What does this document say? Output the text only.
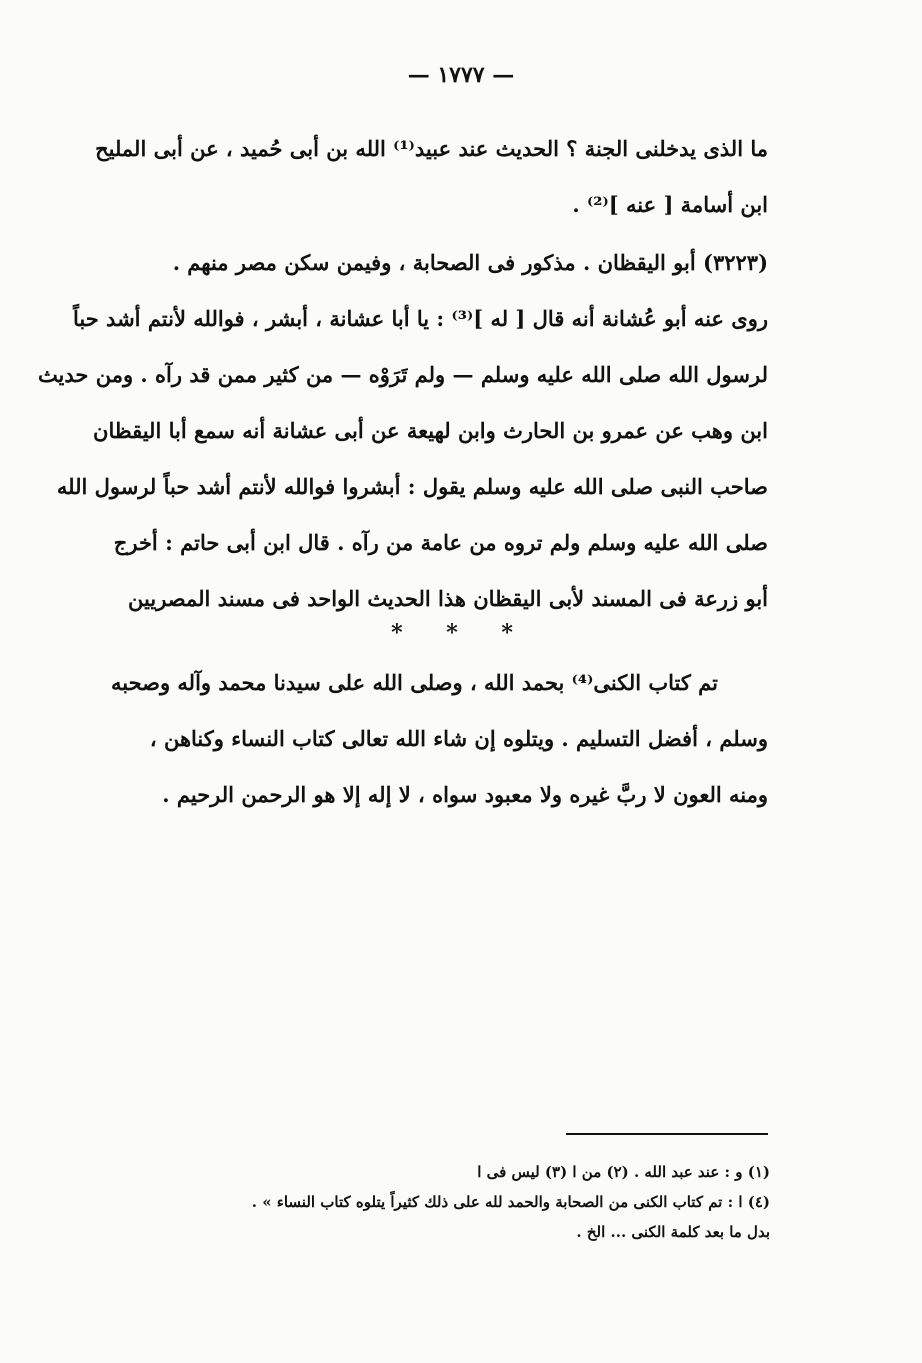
— ١٧٧٧ —
ما الذى يدخلنى الجنة ؟ الحديث عند عبيد⁽¹⁾ الله بن أبى حُميد ، عن أبى المليح
ابن أسامة [ عنه ]⁽²⁾ .
(٣٢٢٣) أبو اليقظان . مذكور فى الصحابة ، وفيمن سكن مصر منهم .
روى عنه أبو عُشانة أنه قال [ له ]⁽³⁾ : يا أبا عشانة ، أبشر ، فوالله لأنتم أشد حباً
لرسول الله صلى الله عليه وسلم — ولم تَرَوْه — من كثير ممن قد رآه . ومن حديث
ابن وهب عن عمرو بن الحارث وابن لهيعة عن أبى عشانة أنه سمع أبا اليقظان
صاحب النبى صلى الله عليه وسلم يقول : أبشروا فوالله لأنتم أشد حباً لرسول الله
صلى الله عليه وسلم ولم تروه من عامة من رآه . قال ابن أبى حاتم : أخرج
أبو زرعة فى المسند لأبى اليقظان هذا الحديث الواحد فى مسند المصريين
* * *
تم كتاب الكنى⁽⁴⁾ بحمد الله ، وصلى الله على سيدنا محمد وآله وصحبه
وسلم ، أفضل التسليم . ويتلوه إن شاء الله تعالى كتاب النساء وكناهن ،
ومنه العون لا ربَّ غيره ولا معبود سواه ، لا إله إلا هو الرحمن الرحيم .
(١) و : عند عبد الله . (٢) من ا (٣) ليس فى ا
(٤) ا : تم كتاب الكنى من الصحابة والحمد لله على ذلك كثيراً يتلوه كتاب النساء » .
بدل ما بعد كلمة الكنى ... الخ .
